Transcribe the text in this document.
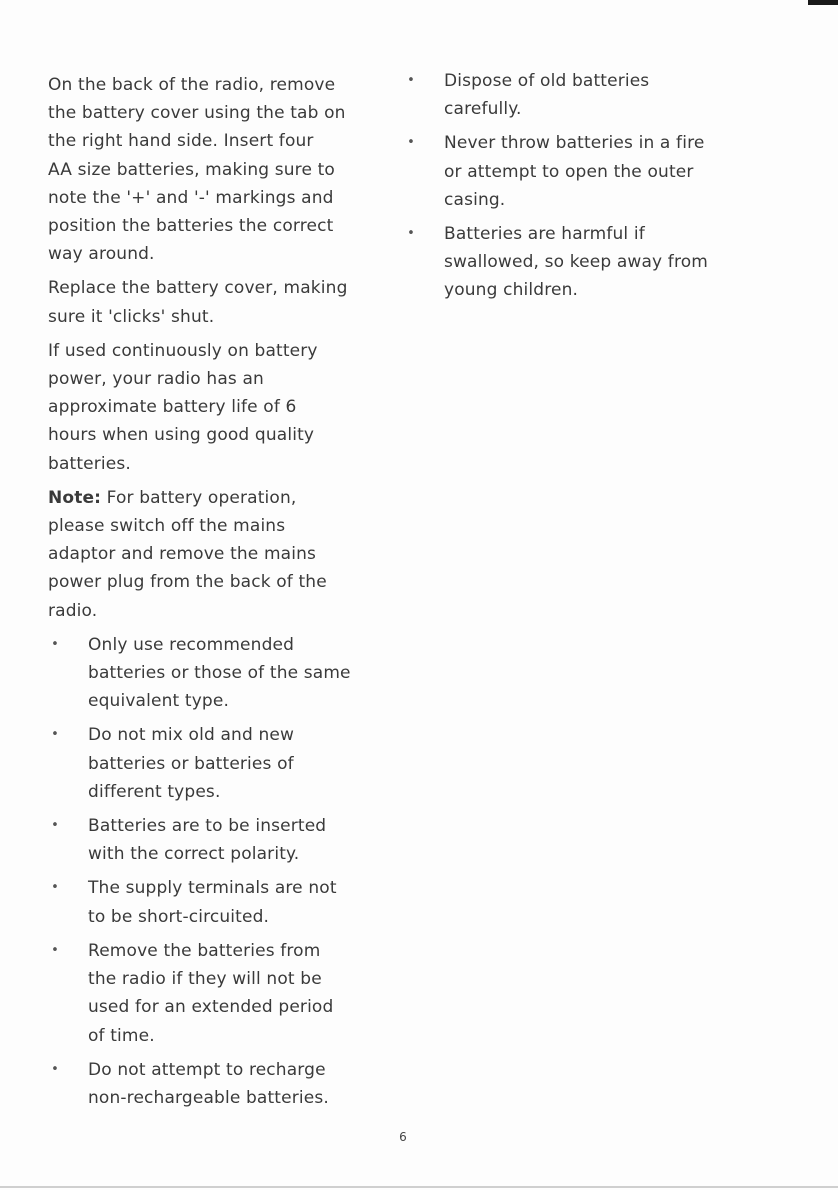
On the back of the radio, remove
the battery cover using the tab on
the right hand side. Insert four
AA size batteries, making sure to
note the '+' and '-' markings and
position the batteries the correct
way around.

Replace the battery cover, making
sure it 'clicks' shut.

If used continuously on battery
power, your radio has an
approximate battery life of 6
hours when using good quality
batteries.

Note: For battery operation,
please switch off the mains
adaptor and remove the mains
power plug from the back of the
radio.

• Only use recommended
batteries or those of the same
equivalent type.
• Do not mix old and new
batteries or batteries of
different types.
• Batteries are to be inserted
with the correct polarity.
• The supply terminals are not
to be short-circuited.
• Remove the batteries from
the radio if they will not be
used for an extended period
of time.
• Do not attempt to recharge
non-rechargeable batteries.
• Dispose of old batteries
carefully.
• Never throw batteries in a fire
or attempt to open the outer
casing.
• Batteries are harmful if
swallowed, so keep away from
young children.
6
